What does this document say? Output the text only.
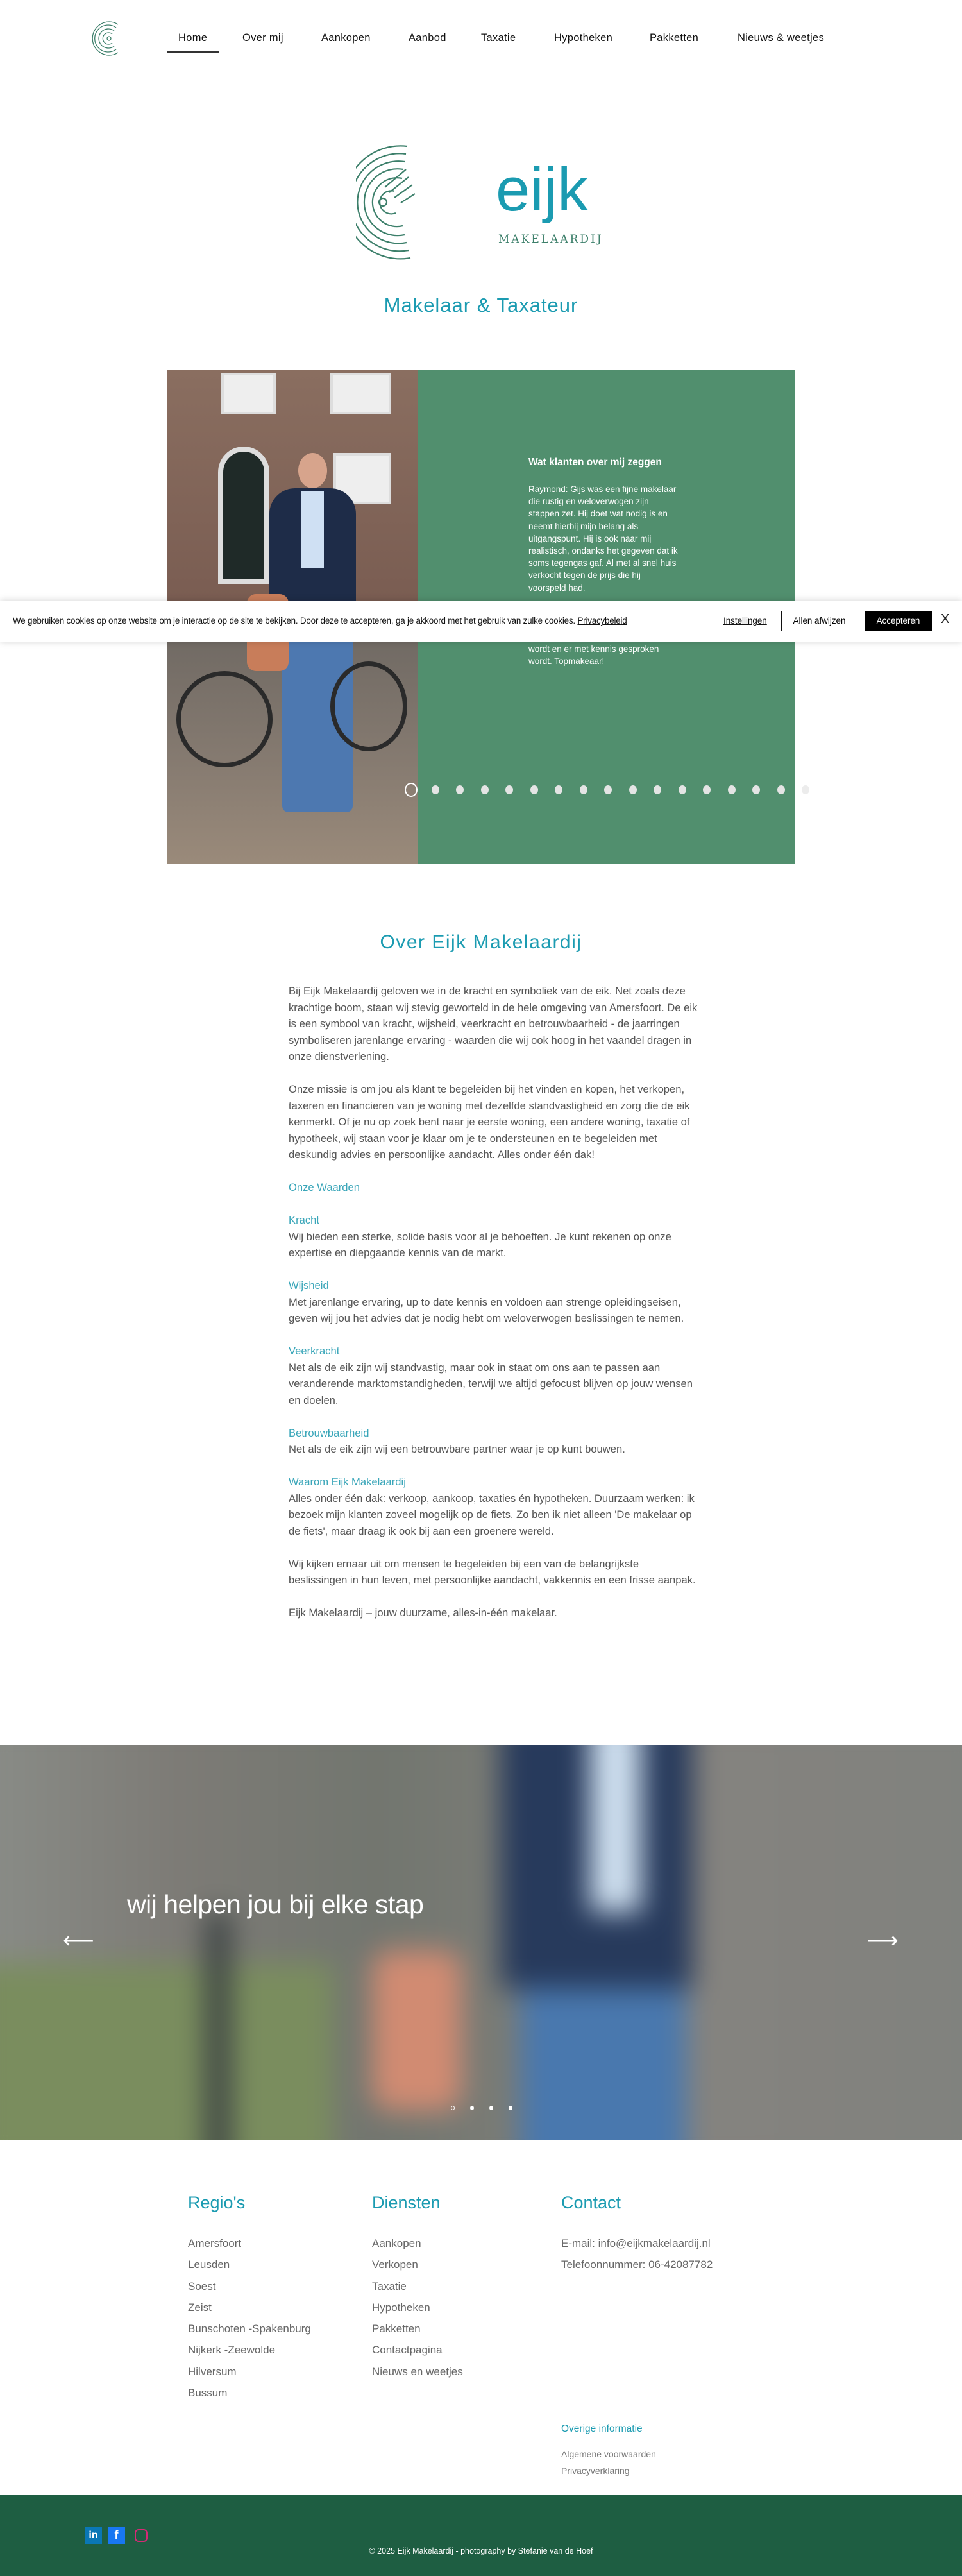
Home	Over mij	Aankopen	Aanbod	Taxatie	Hypotheken	Pakketten	Nieuws & weetjes
eijk
MAKELAARDIJ
Makelaar & Taxateur
Wat klanten over mij zeggen
Raymond: Gijs was een fijne makelaar die rustig en weloverwogen zijn stappen zet. Hij doet wat nodig is en neemt hierbij mijn belang als uitgangspunt. Hij is ook naar mij realistisch, ondanks het gegeven dat ik soms tegengas gaf. Al met al snel huis verkocht tegen de prijs die hij voorspeld had.
wordt en er met kennis gesproken wordt. Topmakeaar!
Over Eijk Makelaardij

Bij Eijk Makelaardij geloven we in de kracht en symboliek van de eik. Net zoals deze krachtige boom, staan wij stevig geworteld in de hele omgeving van Amersfoort. De eik is een symbool van kracht, wijsheid, veerkracht en betrouwbaarheid - de jaarringen symboliseren jarenlange ervaring - waarden die wij ook hoog in het vaandel dragen in onze dienstverlening.

Onze missie is om jou als klant te begeleiden bij het vinden en kopen, het verkopen, taxeren en financieren van je woning met dezelfde standvastigheid en zorg die de eik kenmerkt. Of je nu op zoek bent naar je eerste woning, een andere woning, taxatie of hypotheek, wij staan voor je klaar om je te ondersteunen en te begeleiden met deskundig advies en persoonlijke aandacht. Alles onder één dak!

Onze Waarden

Kracht

Wij bieden een sterke, solide basis voor al je behoeften. Je kunt rekenen op onze expertise en diepgaande kennis van de markt.

Wijsheid

Met jarenlange ervaring, up to date kennis en voldoen aan strenge opleidingseisen, geven wij jou het advies dat je nodig hebt om weloverwogen beslissingen te nemen.

Veerkracht

Net als de eik zijn wij standvastig, maar ook in staat om ons aan te passen aan veranderende marktomstandigheden, terwijl we altijd gefocust blijven op jouw wensen en doelen.

Betrouwbaarheid

Net als de eik zijn wij een betrouwbare partner waar je op kunt bouwen.

Waarom Eijk Makelaardij

Alles onder één dak: verkoop, aankoop, taxaties én hypotheken. Duurzaam werken: ik bezoek mijn klanten zoveel mogelijk op de fiets. Zo ben ik niet alleen 'De makelaar op de fiets', maar draag ik ook bij aan een groenere wereld.

Wij kijken ernaar uit om mensen te begeleiden bij een van de belangrijkste beslissingen in hun leven, met persoonlijke aandacht, vakkennis en een frisse aanpak.

Eijk Makelaardij – jouw duurzame, alles-in-één makelaar.

wij helpen jou bij elke stap
⟵	⟶
Regio's
Amersfoort
Leusden
Soest
Zeist
Bunschoten -Spakenburg
Nijkerk -Zeewolde
Hilversum
Bussum
Diensten
Aankopen
Verkopen
Taxatie
Hypotheken
Pakketten
Contactpagina
Nieuws en weetjes
Contact
E-mail: info@eijkmakelaardij.nl
Telefoonnummer: 06-42087782
Overige informatie
Algemene voorwaarden
Privacyverklaring
in	f
© 2025 Eijk Makelaardij - photography by Stefanie van de Hoef
We gebruiken cookies op onze website om je interactie op de site te bekijken. Door deze te accepteren, ga je akkoord met het gebruik van zulke cookies. Privacybeleid	Instellingen	Allen afwijzen	Accepteren	X
